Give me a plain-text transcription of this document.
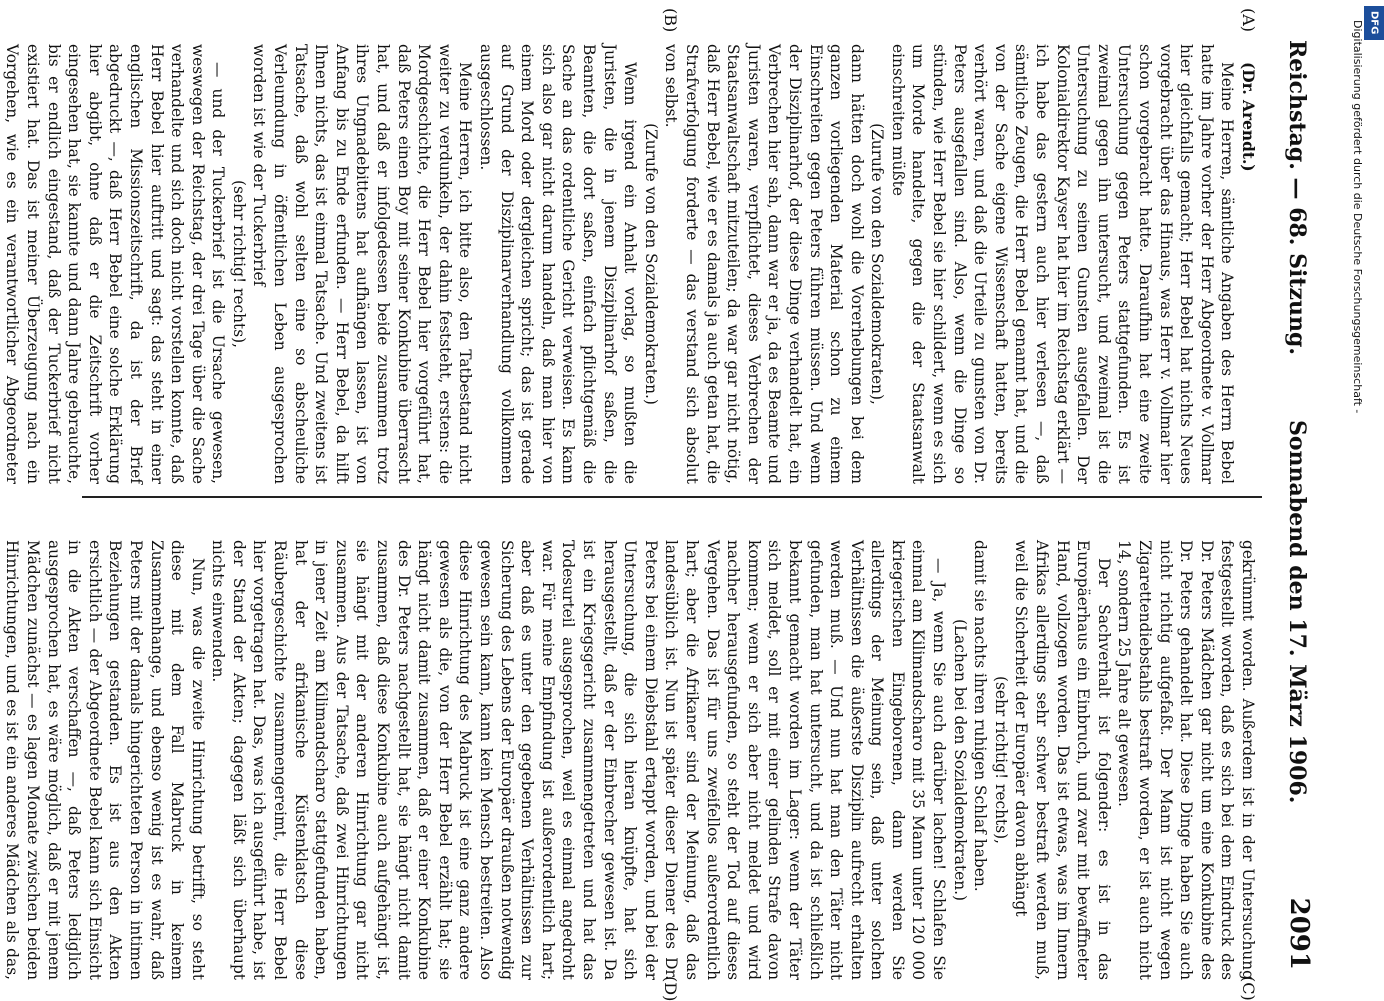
Reichstag. — 68. Sitzung.
Sonnabend den 17. März 1906.
2091
(A)
(B)
(C)
(D)

(Dr. Arendt.)

Meine Herren, sämtliche Angaben des Herrn Bebel hatte im Jahre vorher der Herr Abgeordnete v. Vollmar hier gleichfalls gemacht; Herr Bebel hat nichts Neues vorgebracht über das Hinaus, was Herr v. Vollmar hier schon vorgebracht hatte. Daraufhin hat eine zweite Untersuchung gegen Peters stattgefunden. Es ist zweimal gegen ihn untersucht, und zweimal ist die Untersuchung zu seinen Gunsten ausgefallen. Der Kolonialdirektor Kayser hat hier im Reichstag erklärt — ich habe das gestern auch hier verlesen —, daß sämtliche Zeugen, die Herr Bebel genannt hat, und die von der Sache eigene Wissenschaft hatten, bereits verhört waren, und daß die Urteile zu gunsten von Dr. Peters ausgefallen sind. Also, wenn die Dinge so stünden, wie Herr Bebel sie hier schildert, wenn es sich um Morde handelte, gegen die der Staatsanwalt einschreiten müßte

(Zurufe von den Sozialdemokraten),

dann hätten doch wohl die Vorerhebungen bei dem ganzen vorliegenden Material schon zu einem Einschreiten gegen Peters führen müssen. Und wenn der Disziplinarhof, der diese Dinge verhandelt hat, ein Verbrechen hier sah, dann war er ja, da es Beamte und Juristen waren, verpflichtet, dieses Verbrechen der Staatsanwaltschaft mitzuteilen; da war gar nicht nötig, daß Herr Bebel, wie er es damals ja auch getan hat, die Strafverfolgung forderte — das verstand sich absolut von selbst.

(Zurufe von den Sozialdemokraten.)

Wenn irgend ein Anhalt vorlag, so mußten die Juristen, die in jenem Disziplinarhof saßen, die Beamten, die dort saßen, einfach pflichtgemäß die Sache an das ordentliche Gericht verweisen. Es kann sich also gar nicht darum handeln, daß man hier von einem Mord oder dergleichen spricht; das ist gerade auf Grund der Disziplinarverhandlung vollkommen ausgeschlossen.

Meine Herren, ich bitte also, den Tatbestand nicht weiter zu verdunkeln, der dahin feststeht, erstens: die Mordgeschichte, die Herr Bebel hier vorgeführt hat, daß Peters einen Boy mit seiner Konkubine überrascht hat, und daß er infolgedessen beide zusammen trotz ihres Ungnadebittens hat aufhängen lassen, ist von Anfang bis zu Ende erfunden. — Herr Bebel, da hilft Ihnen nichts, das ist einmal Tatsache. Und zweitens ist Tatsache, daß wohl selten eine so abscheuliche Verleumdung in öffentlichen Leben ausgesprochen worden ist wie der Tuckerbrief

(sehr richtig! rechts),

— und der Tuckerbrief ist die Ursache gewesen, weswegen der Reichstag, der drei Tage über die Sache verhandelte und sich doch nicht vorstellen konnte, daß Herr Bebel hier auftritt und sagt: das steht in einer englischen Missionszeitschrift, da ist der Brief abgedruckt —, daß Herr Bebel eine solche Erklärung hier abgibt, ohne daß er die Zeitschrift vorher eingesehen hat, sie kannte und dann Jahre gebrauchte, bis er endlich eingestand, daß der Tuckerbrief nicht existiert hat. Das ist meiner Überzeugung nach ein Vorgehen, wie es ein verantwortlicher Abgeordneter

gekrümmt worden. Außerdem ist in der Untersuchung festgestellt worden, daß es sich bei dem Eindruck des Dr. Peters Mädchen gar nicht um eine Konkubine des Dr. Peters gehandelt hat. Diese Dinge haben Sie auch nicht richtig aufgefaßt. Der Mann ist nicht wegen Zigarettendiebstahls bestraft worden, er ist auch nicht 14, sondern 25 Jahre alt gewesen.

Der Sachverhalt ist folgender: es ist in das Europäerhaus ein Einbruch, und zwar mit bewaffneter Hand, vollzogen worden. Das ist etwas, was im Innern Afrikas allerdings sehr schwer bestraft werden muß, weil die Sicherheit der Europäer davon abhängt

(sehr richtig! rechts),

damit sie nachts ihren ruhigen Schlaf haben.

(Lachen bei den Sozialdemokraten.)

— Ja, wenn Sie auch darüber lachen! Schlafen Sie einmal am Kilimandscharo mit 35 Mann unter 120 000 kriegerischen Eingeborenen, dann werden Sie allerdings der Meinung sein, daß unter solchen Verhältnissen die äußerste Disziplin aufrecht erhalten werden muß. — Und nun hat man den Täter nicht gefunden, man hat untersucht, und da ist schließlich bekannt gemacht worden im Lager: wenn der Täter sich meldet, soll er mit einer gelinden Strafe davon kommen; wenn er sich aber nicht meldet und wird nachher herausgefunden, so steht der Tod auf dieses Vergehen. Das ist für uns zweifellos außerordentlich hart; aber die Afrikaner sind der Meinung, daß das landesüblich ist. Nun ist später dieser Diener des Dr. Peters bei einem Diebstahl ertappt worden, und bei der Untersuchung, die sich hieran knüpfte, hat sich herausgestellt, daß er der Einbrecher gewesen ist. Da ist ein Kriegsgericht zusammengetreten und hat das Todesurteil ausgesprochen, weil es einmal angedroht war. Für meine Empfindung ist außerordentlich hart; aber daß es unter den gegebenen Verhältnissen zur Sicherung des Lebens der Europäer draußen notwendig gewesen sein kann, kann kein Mensch bestreiten. Also diese Hinrichtung des Mabruck ist eine ganz andere gewesen als die, von der Herr Bebel erzählt hat; sie hängt nicht damit zusammen, daß er einer Konkubine des Dr. Peters nachgestellt hat, sie hängt nicht damit zusammen, daß diese Konkubine auch aufgehängt ist, sie hängt mit der anderen Hinrichtung gar nicht zusammen. Aus der Tatsache, daß zwei Hinrichtungen in jener Zeit am Kilimandscharo stattgefunden haben, hat der afrikanische Küstenklatsch diese Räubergeschichte zusammengereimt, die Herr Bebel hier vorgetragen hat. Das, was ich ausgeführt habe, ist der Stand der Akten; dagegen läßt sich überhaupt nichts einwenden.

Nun, was die zweite Hinrichtung betrifft, so steht diese mit dem Fall Mabruck in keinem Zusammenhange, und ebenso wenig ist es wahr, daß Peters mit der damals hingerichteten Person in intimen Beziehungen gestanden. Es ist aus den Akten ersichtlich — der Abgeordnete Bebel kann sich Einsicht in die Akten verschaffen —, daß Peters lediglich ausgesprochen hat, es wäre möglich, daß er mit jenem Mädchen zunächst — es lagen Monate zwischen beiden Hinrichtungen, und es ist ein anderes Mädchen als das,

DFG
Digitalisierung gefördert durch die Deutsche Forschungsgemeinschaft -
